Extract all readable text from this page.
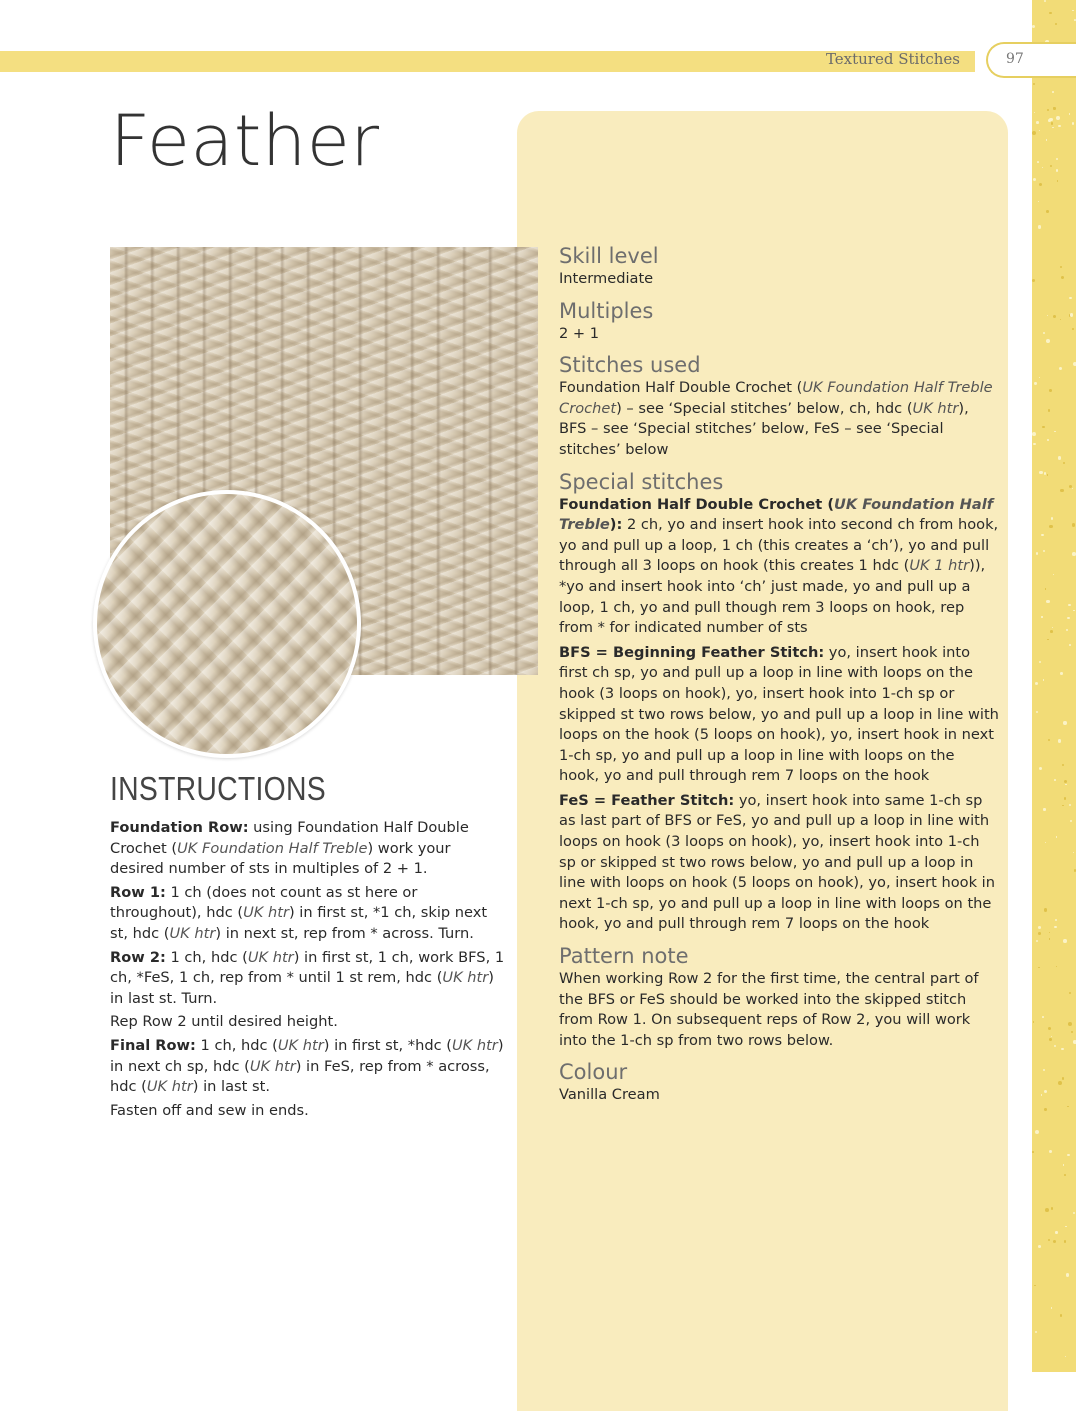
Textured Stitches	97
Feather
INSTRUCTIONS

Foundation Row: using Foundation Half Double Crochet (UK Foundation Half Treble) work your desired number of sts in multiples of 2 + 1.

Row 1: 1 ch (does not count as st here or throughout), hdc (UK htr) in first st, *1 ch, skip next st, hdc (UK htr) in next st, rep from * across. Turn.

Row 2: 1 ch, hdc (UK htr) in first st, 1 ch, work BFS, 1 ch, *FeS, 1 ch, rep from * until 1 st rem, hdc (UK htr) in last st. Turn.

Rep Row 2 until desired height.

Final Row: 1 ch, hdc (UK htr) in first st, *hdc (UK htr) in next ch sp, hdc (UK htr) in FeS, rep from * across, hdc (UK htr) in last st.

Fasten off and sew in ends.

Skill level

Intermediate

Multiples

2 + 1

Stitches used

Foundation Half Double Crochet (UK Foundation Half Treble Crochet) – see ‘Special stitches’ below, ch, hdc (UK htr), BFS – see ‘Special stitches’ below, FeS – see ‘Special stitches’ below

Special stitches

Foundation Half Double Crochet (UK Foundation Half Treble): 2 ch, yo and insert hook into second ch from hook, yo and pull up a loop, 1 ch (this creates a ‘ch’), yo and pull through all 3 loops on hook (this creates 1 hdc (UK 1 htr)), *yo and insert hook into ‘ch’ just made, yo and pull up a loop, 1 ch, yo and pull though rem 3 loops on hook, rep from * for indicated number of sts

BFS = Beginning Feather Stitch: yo, insert hook into first ch sp, yo and pull up a loop in line with loops on the hook (3 loops on hook), yo, insert hook into 1-ch sp or skipped st two rows below, yo and pull up a loop in line with loops on the hook (5 loops on hook), yo, insert hook in next 1-ch sp, yo and pull up a loop in line with loops on the hook, yo and pull through rem 7 loops on the hook

FeS = Feather Stitch: yo, insert hook into same 1-ch sp as last part of BFS or FeS, yo and pull up a loop in line with loops on hook (3 loops on hook), yo, insert hook into 1-ch sp or skipped st two rows below, yo and pull up a loop in line with loops on hook (5 loops on hook), yo, insert hook in next 1-ch sp, yo and pull up a loop in line with loops on the hook, yo and pull through rem 7 loops on the hook

Pattern note

When working Row 2 for the first time, the central part of the BFS or FeS should be worked into the skipped stitch from Row 1. On subsequent reps of Row 2, you will work into the 1-ch sp from two rows below.

Colour

Vanilla Cream
